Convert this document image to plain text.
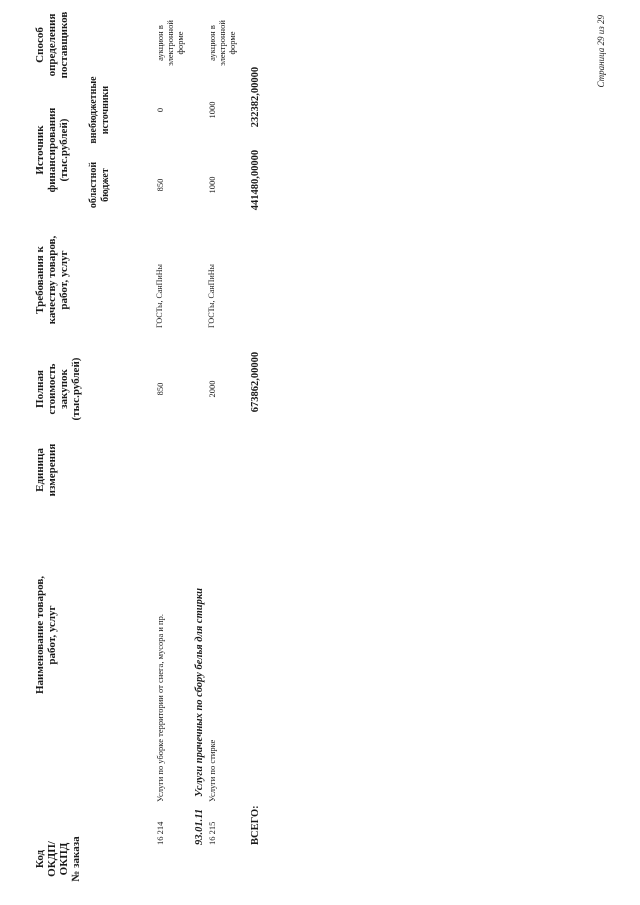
Код ОКДП/ ОКПД № заказа
Наименование товаров, работ, услуг
Единица измерения
Полная стоимость закупок (тыс.рублей)
Требования к качеству товаров, работ, услуг
Источник финансирования (тыс.рублей)
областной бюджет
внебюджетные источники
Способ определения поставщиков
16 214
Услуги по уборке территории от снега, мусора и пр.
850
ГОСТы, СанПиНы
850
0
аукцион в электронной форме
93.01.11
Услуги прачечных по сбору белья для стирки
16 215
Услуги по стирке
2000
ГОСТы, СанПиНы
1000
1000
аукцион в электронной форме
ВСЕГО:
673862,00000
441480,00000
232382,00000
Страница 29 из 29
